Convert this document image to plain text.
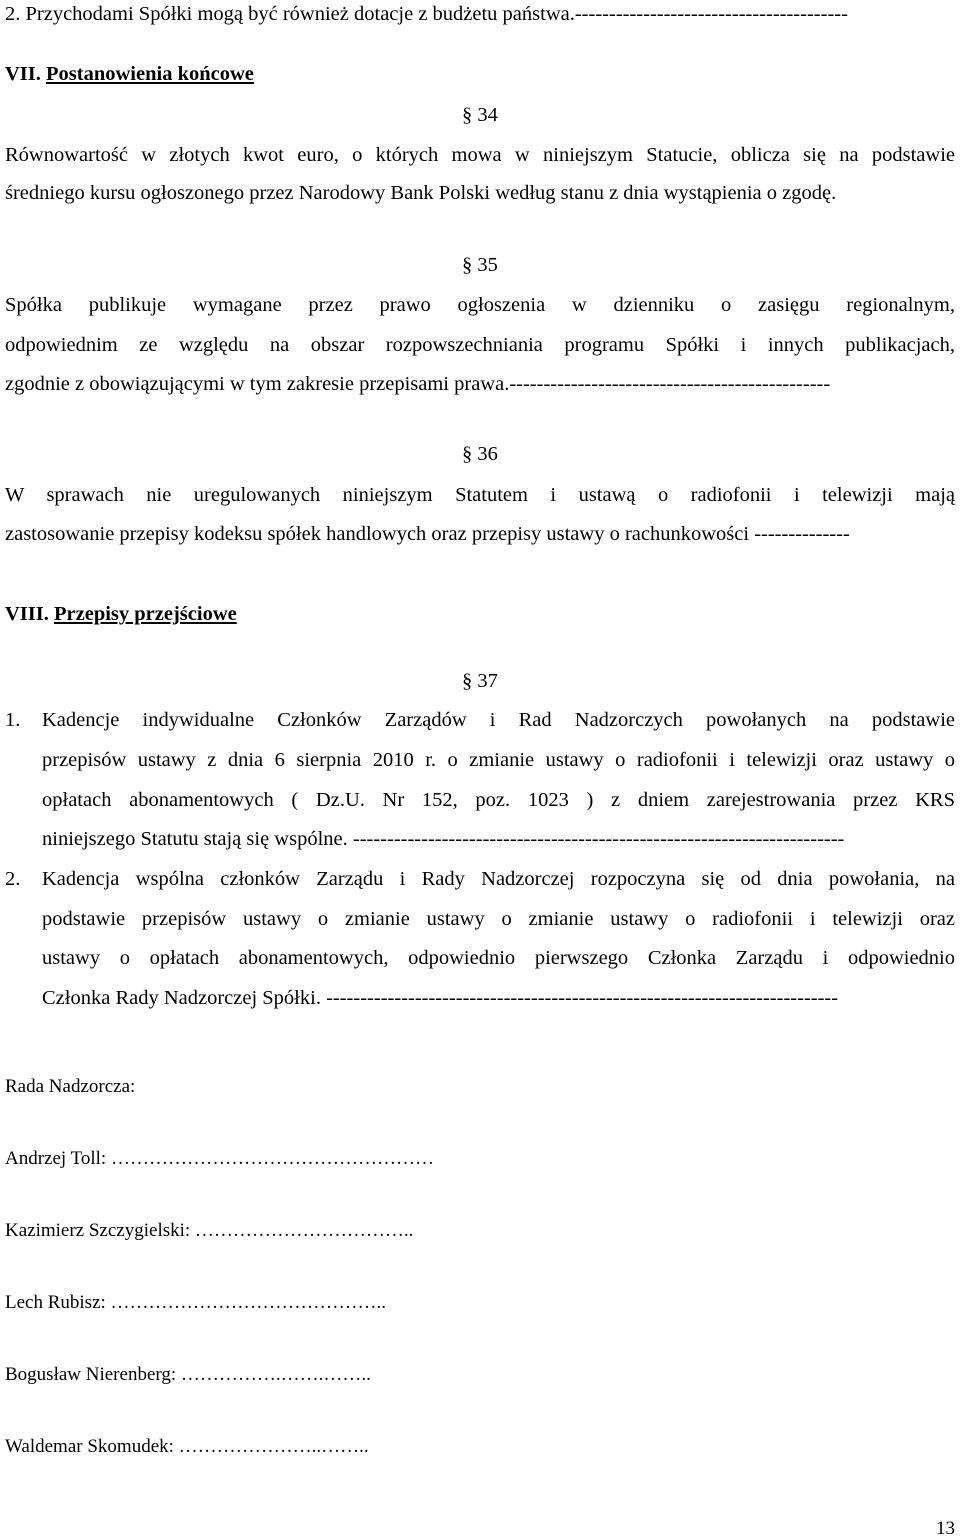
2. Przychodami Spółki mogą być również dotacje z budżetu państwa.----------------------------------------
VII. Postanowienia końcowe
§ 34
Równowartość w złotych kwot euro, o których mowa w niniejszym Statucie, oblicza się na podstawie
średniego kursu ogłoszonego przez Narodowy Bank Polski według stanu z dnia wystąpienia o zgodę.
§ 35
Spółka publikuje wymagane przez prawo ogłoszenia w dzienniku o zasięgu regionalnym,
odpowiednim ze względu na obszar rozpowszechniania programu Spółki i innych publikacjach,
zgodnie z obowiązującymi w tym zakresie przepisami prawa.-----------------------------------------------
§ 36
W sprawach nie uregulowanych niniejszym Statutem i ustawą o radiofonii i telewizji mają
zastosowanie przepisy kodeksu spółek handlowych oraz przepisy ustawy o rachunkowości --------------
VIII. Przepisy przejściowe
§ 37
1.	Kadencje indywidualne Członków Zarządów i Rad Nadzorczych powołanych na podstawie
przepisów ustawy z dnia 6 sierpnia 2010 r. o zmianie ustawy o radiofonii i telewizji oraz ustawy o
opłatach abonamentowych ( Dz.U. Nr 152, poz. 1023 ) z dniem zarejestrowania przez KRS
niniejszego Statutu stają się wspólne. ------------------------------------------------------------------------
2.	Kadencja wspólna członków Zarządu i Rady Nadzorczej rozpoczyna się od dnia powołania, na
podstawie przepisów ustawy o zmianie ustawy o zmianie ustawy o radiofonii i telewizji oraz
ustawy o opłatach abonamentowych, odpowiednio pierwszego Członka Zarządu i odpowiednio
Członka Rady Nadzorczej Spółki. ---------------------------------------------------------------------------
Rada Nadzorcza:
Andrzej Toll: ……………………………………………
Kazimierz Szczygielski: ……………………………..
Lech Rubisz: ……………………………………..
Bogusław Nierenberg: …………….…….……..
Waldemar Skomudek: …………………..……..
13
